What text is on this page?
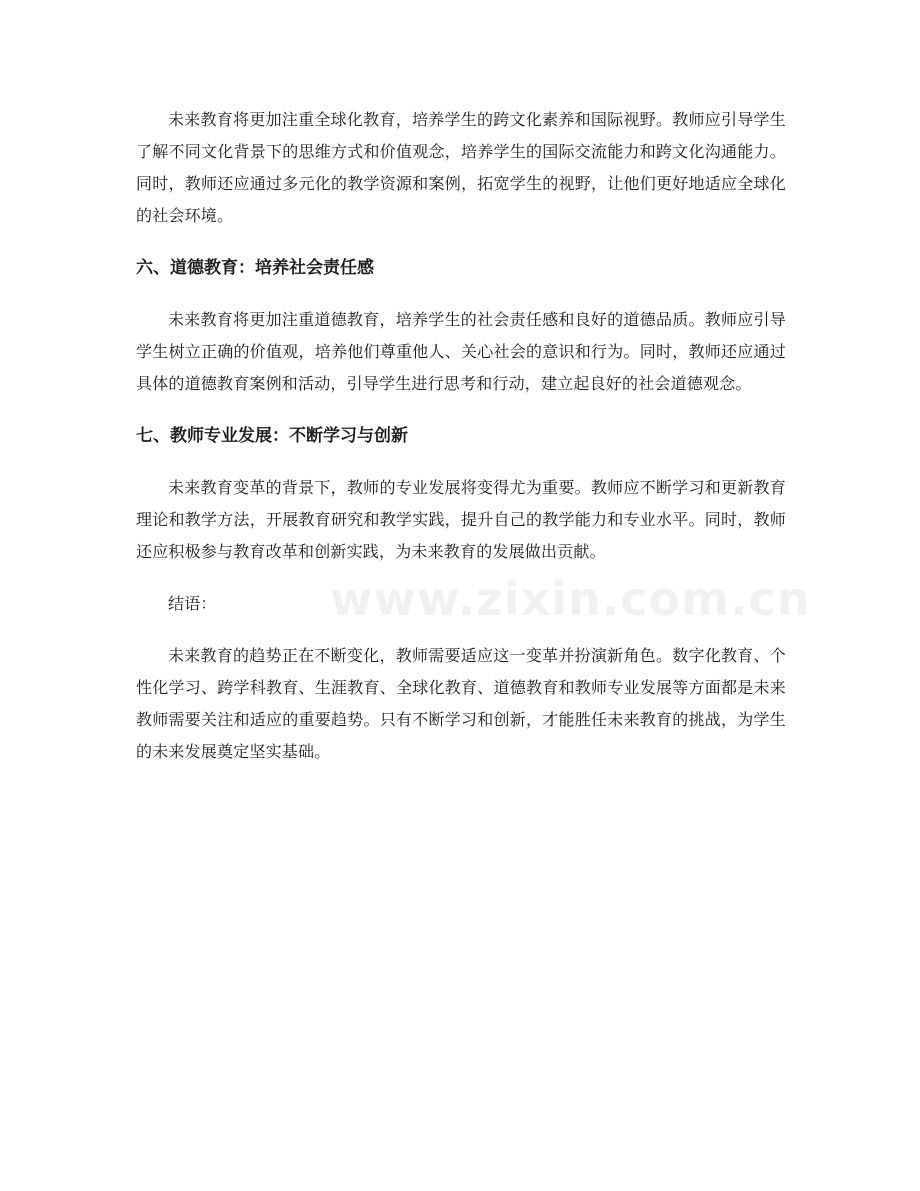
未来教育将更加注重全球化教育，培养学生的跨文化素养和国际视野。教师应引导学生了解不同文化背景下的思维方式和价值观念，培养学生的国际交流能力和跨文化沟通能力。同时，教师还应通过多元化的教学资源和案例，拓宽学生的视野，让他们更好地适应全球化的社会环境。

六、道德教育：培养社会责任感

未来教育将更加注重道德教育，培养学生的社会责任感和良好的道德品质。教师应引导学生树立正确的价值观，培养他们尊重他人、关心社会的意识和行为。同时，教师还应通过具体的道德教育案例和活动，引导学生进行思考和行动，建立起良好的社会道德观念。

七、教师专业发展：不断学习与创新

未来教育变革的背景下，教师的专业发展将变得尤为重要。教师应不断学习和更新教育理论和教学方法，开展教育研究和教学实践，提升自己的教学能力和专业水平。同时，教师还应积极参与教育改革和创新实践，为未来教育的发展做出贡献。

结语：

未来教育的趋势正在不断变化，教师需要适应这一变革并扮演新角色。数字化教育、个性化学习、跨学科教育、生涯教育、全球化教育、道德教育和教师专业发展等方面都是未来教师需要关注和适应的重要趋势。只有不断学习和创新，才能胜任未来教育的挑战，为学生的未来发展奠定坚实基础。

www.zixin.com.cn
